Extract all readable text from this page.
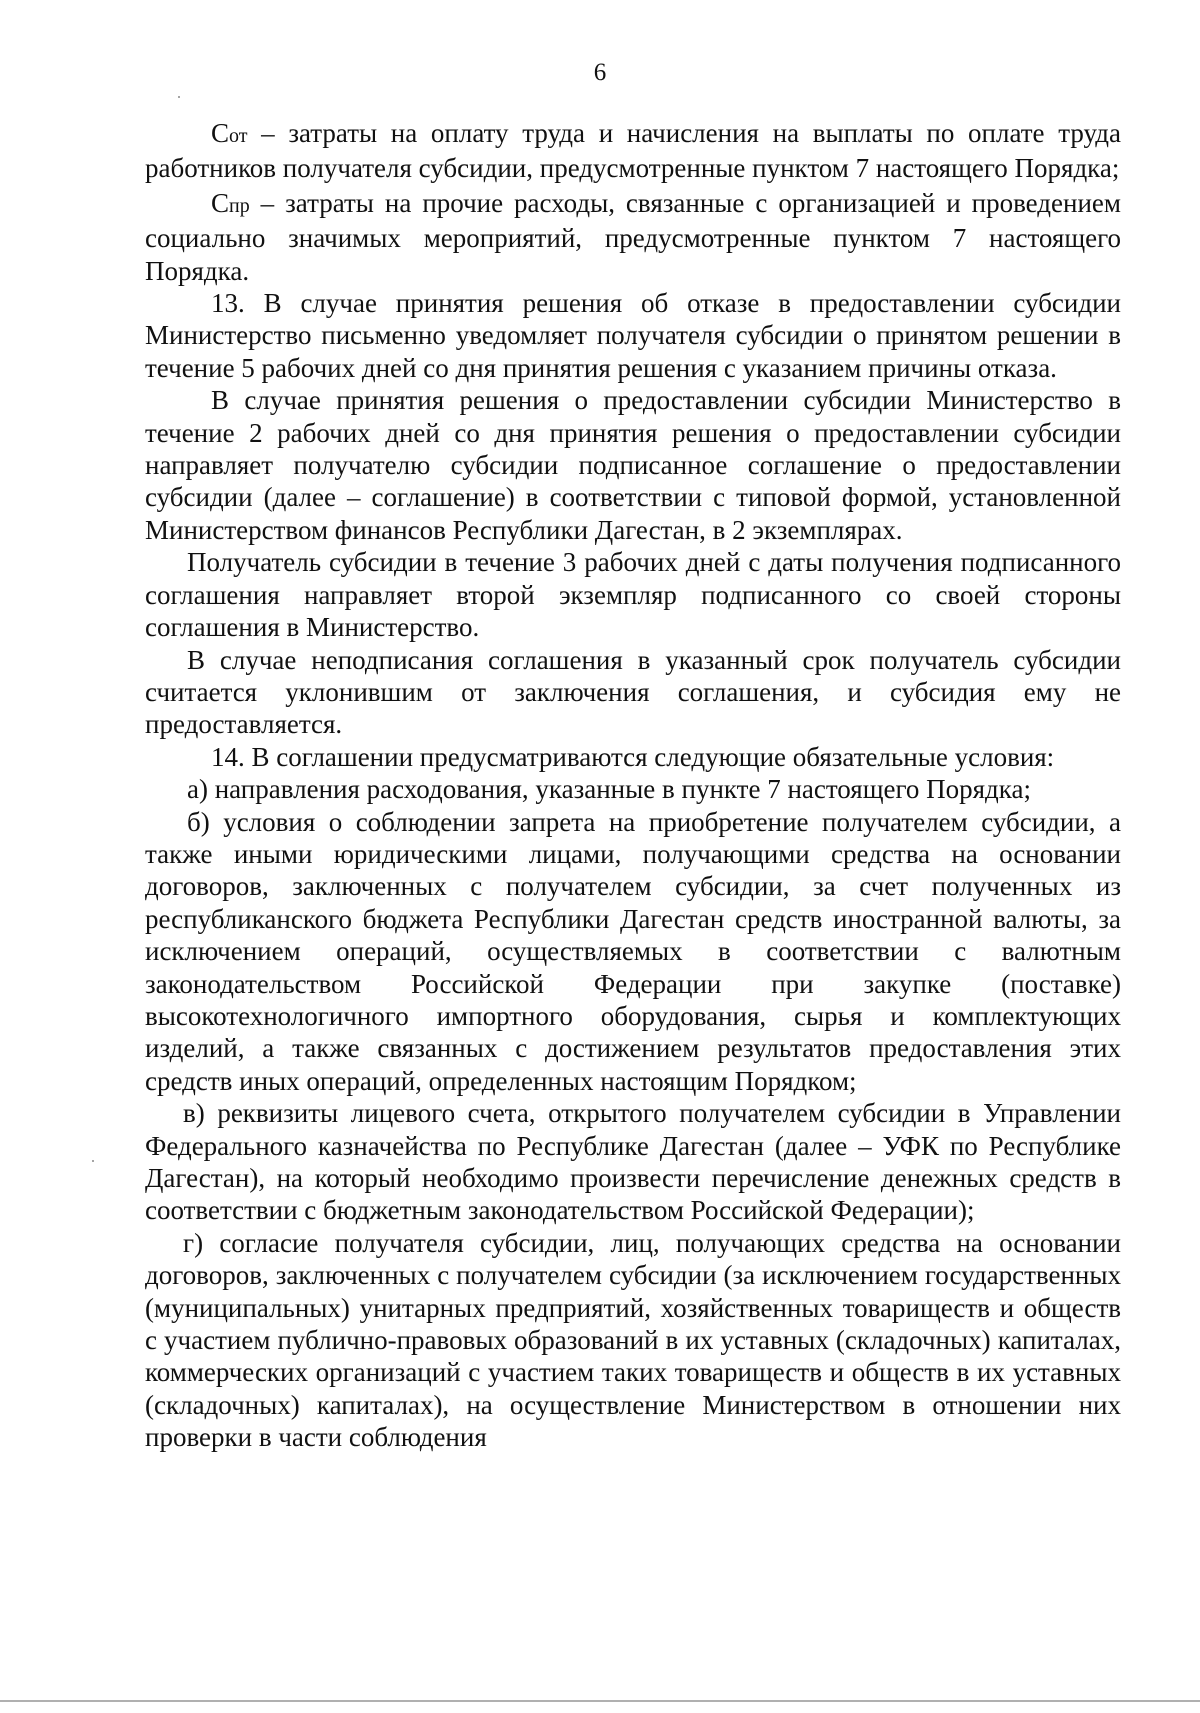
6

Сот – затраты на оплату труда и начисления на выплаты по оплате труда работников получателя субсидии, предусмотренные пунктом 7 настоящего Порядка;

Спр – затраты на прочие расходы, связанные с организацией и проведением социально значимых мероприятий, предусмотренные пунктом 7 настоящего Порядка.

13. В случае принятия решения об отказе в предоставлении субсидии Министерство письменно уведомляет получателя субсидии о принятом решении в течение 5 рабочих дней со дня принятия решения с указанием причины отказа.

В случае принятия решения о предоставлении субсидии Министерство в течение 2 рабочих дней со дня принятия решения о предоставлении субсидии направляет получателю субсидии подписанное соглашение о предоставлении субсидии (далее – соглашение) в соответствии с типовой формой, установленной Министерством финансов Республики Дагестан, в 2 экземплярах.

Получатель субсидии в течение 3 рабочих дней с даты получения подписанного соглашения направляет второй экземпляр подписанного со своей стороны соглашения в Министерство.

В случае неподписания соглашения в указанный срок получатель субсидии считается уклонившим от заключения соглашения, и субсидия ему не предоставляется.

14. В соглашении предусматриваются следующие обязательные условия:

а) направления расходования, указанные в пункте 7 настоящего Порядка;

б) условия о соблюдении запрета на приобретение получателем субсидии, а также иными юридическими лицами, получающими средства на основании договоров, заключенных с получателем субсидии, за счет полученных из республиканского бюджета Республики Дагестан средств иностранной валюты, за исключением операций, осуществляемых в соответствии с валютным законодательством Российской Федерации при закупке (поставке) высокотехнологичного импортного оборудования, сырья и комплектующих изделий, а также связанных с достижением результатов предоставления этих средств иных операций, определенных настоящим Порядком;

в) реквизиты лицевого счета, открытого получателем субсидии в Управлении Федерального казначейства по Республике Дагестан (далее – УФК по Республике Дагестан), на который необходимо произвести перечисление денежных средств в соответствии с бюджетным законодательством Российской Федерации);

г) согласие получателя субсидии, лиц, получающих средства на основании договоров, заключенных с получателем субсидии (за исключением государственных (муниципальных) унитарных предприятий, хозяйственных товариществ и обществ с участием публично-правовых образований в их уставных (складочных) капиталах, коммерческих организаций с участием таких товариществ и обществ в их уставных (складочных) капиталах), на осуществление Министерством в отношении них проверки в части соблюдения
